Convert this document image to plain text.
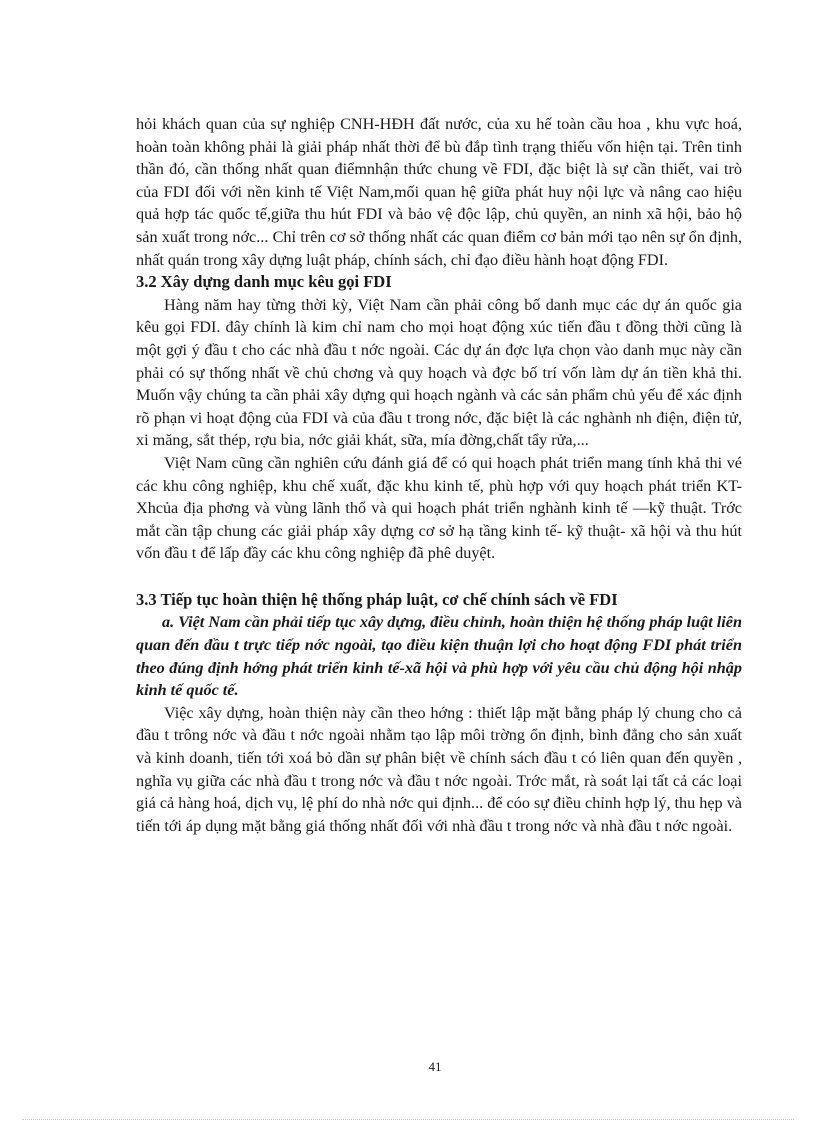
hỏi khách quan của sự nghiệp CNH-HĐH đất nước, của xu hế toàn cầu hoa , khu vực hoá, hoàn toàn không phải là giải pháp nhất thời để bù đắp tình trạng thiếu vốn hiện tại. Trên tinh thần đó, cần thống nhất quan điểmnhận thức chung về FDI, đặc biệt là sự cần thiết, vai trò của FDI đối với nền kinh tế Việt Nam,mối quan hệ giữa phát huy nội lực và nâng cao hiệu quả hợp tác quốc tế,giữa thu hút FDI và bảo vệ độc lập, chủ quyền, an ninh xã hội, bảo hộ sản xuất trong nớc... Chỉ trên cơ sở thống nhất các quan điểm cơ bản mới tạo nên sự ổn định, nhất quán trong xây dựng luật pháp, chính sách, chỉ đạo điều hành hoạt động FDI.

3.2 Xây dựng danh mục kêu gọi FDI

Hàng năm hay từng thời kỳ, Việt Nam cần phải công bố danh mục các dự án quốc gia kêu gọi FDI. đây chính là kim chỉ nam cho mọi hoạt động xúc tiến đầu t đồng thời cũng là một gợi ý đầu t cho các nhà đầu t nớc ngoài. Các dự án đợc lựa chọn vào danh mục này cần phải có sự thống nhất về chủ chơng và quy hoạch và đợc bố trí vốn làm dự án tiền khả thi. Muốn vậy chúng ta cần phải xây dựng qui hoạch ngành và các sản phẩm chủ yếu để xác định rõ phạn vi hoạt động của FDI và của đầu t trong nớc, đặc biệt là các nghành nh điện, điện tử, xi măng, sắt thép, rợu bia, nớc giải khát, sữa, mía đờng,chất tẩy rửa,...

Việt Nam cũng cần nghiên cứu đánh giá để có qui hoạch phát triển mang tính khả thi vé các khu công nghiệp, khu chế xuất, đặc khu kinh tế, phù hợp với quy hoạch phát triển KT-Xhcủa địa phơng và vùng lãnh thổ và qui hoạch phát triển nghành kinh tế —kỹ thuật. Trớc mắt cần tập chung các giải pháp xây dựng cơ sở hạ tầng kinh tế- kỹ thuật- xã hội và thu hút vốn đầu t để lấp đầy các khu công nghiệp đã phê duyệt.

3.3 Tiếp tục hoàn thiện hệ thống pháp luật, cơ chế chính sách về FDI

a. Việt Nam cần phải tiếp tục xây dựng, điều chỉnh, hoàn thiện hệ thống pháp luật liên quan đến đầu t trực tiếp nớc ngoài, tạo điều kiện thuận lợi cho hoạt động FDI phát triển theo đúng định hớng phát triển kinh tế-xã hội và phù hợp với yêu cầu chủ động hội nhập kinh tế quốc tế.

Việc xây dựng, hoàn thiện này cần theo hớng : thiết lập mặt bằng pháp lý chung cho cả đầu t trông nớc và đầu t nớc ngoài nhằm tạo lập môi trờng ổn định, bình đẳng cho sản xuất và kinh doanh, tiến tới xoá bỏ dần sự phân biệt về chính sách đầu t có liên quan đến quyền , nghĩa vụ giữa các nhà đầu t trong nớc và đầu t nớc ngoài. Trớc mắt, rà soát lại tất cả các loại giá cả hàng hoá, dịch vụ, lệ phí do nhà nớc qui định... để cóo sự điều chỉnh hợp lý, thu hẹp và tiến tới áp dụng mặt bằng giá thống nhất đối với nhà đầu t trong nớc và nhà đầu t nớc ngoài.

41
